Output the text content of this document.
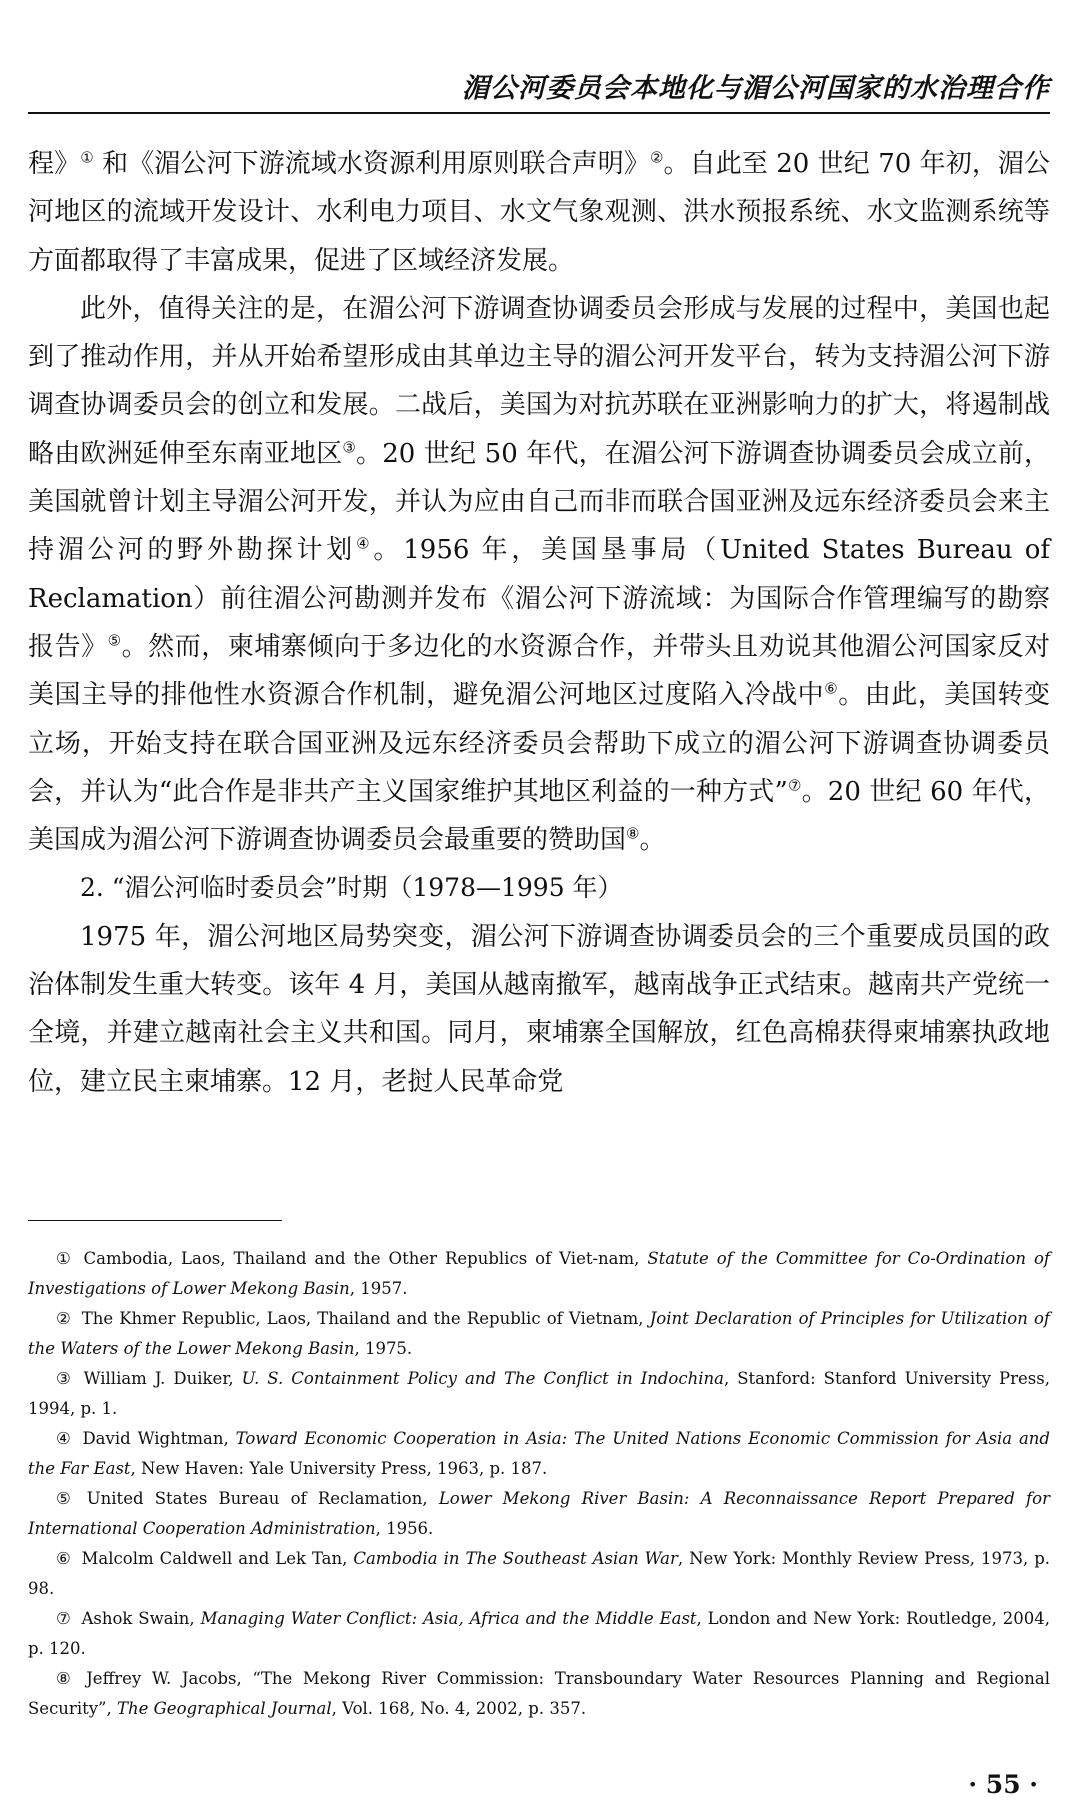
湄公河委员会本地化与湄公河国家的水治理合作

程》① 和《湄公河下游流域水资源利用原则联合声明》②。自此至 20 世纪 70 年初，湄公河地区的流域开发设计、水利电力项目、水文气象观测、洪水预报系统、水文监测系统等方面都取得了丰富成果，促进了区域经济发展。

此外，值得关注的是，在湄公河下游调查协调委员会形成与发展的过程中，美国也起到了推动作用，并从开始希望形成由其单边主导的湄公河开发平台，转为支持湄公河下游调查协调委员会的创立和发展。二战后，美国为对抗苏联在亚洲影响力的扩大，将遏制战略由欧洲延伸至东南亚地区③。20 世纪 50 年代，在湄公河下游调查协调委员会成立前，美国就曾计划主导湄公河开发，并认为应由自己而非而联合国亚洲及远东经济委员会来主持湄公河的野外勘探计划④。1956 年，美国垦事局（United States Bureau of Reclamation）前往湄公河勘测并发布《湄公河下游流域：为国际合作管理编写的勘察报告》⑤。然而，柬埔寨倾向于多边化的水资源合作，并带头且劝说其他湄公河国家反对美国主导的排他性水资源合作机制，避免湄公河地区过度陷入冷战中⑥。由此，美国转变立场，开始支持在联合国亚洲及远东经济委员会帮助下成立的湄公河下游调查协调委员会，并认为“此合作是非共产主义国家维护其地区利益的一种方式”⑦。20 世纪 60 年代，美国成为湄公河下游调查协调委员会最重要的赞助国⑧。

2. “湄公河临时委员会”时期（1978—1995 年）

1975 年，湄公河地区局势突变，湄公河下游调查协调委员会的三个重要成员国的政治体制发生重大转变。该年 4 月，美国从越南撤军，越南战争正式结束。越南共产党统一全境，并建立越南社会主义共和国。同月，柬埔寨全国解放，红色高棉获得柬埔寨执政地位，建立民主柬埔寨。12 月，老挝人民革命党

① Cambodia, Laos, Thailand and the Other Republics of Viet-nam, Statute of the Committee for Co-Ordination of Investigations of Lower Mekong Basin, 1957.

② The Khmer Republic, Laos, Thailand and the Republic of Vietnam, Joint Declaration of Principles for Utilization of the Waters of the Lower Mekong Basin, 1975.

③ William J. Duiker, U. S. Containment Policy and The Conflict in Indochina, Stanford: Stanford University Press, 1994, p. 1.

④ David Wightman, Toward Economic Cooperation in Asia: The United Nations Economic Commission for Asia and the Far East, New Haven: Yale University Press, 1963, p. 187.

⑤ United States Bureau of Reclamation, Lower Mekong River Basin: A Reconnaissance Report Prepared for International Cooperation Administration, 1956.

⑥ Malcolm Caldwell and Lek Tan, Cambodia in The Southeast Asian War, New York: Monthly Review Press, 1973, p. 98.

⑦ Ashok Swain, Managing Water Conflict: Asia, Africa and the Middle East, London and New York: Routledge, 2004, p. 120.

⑧ Jeffrey W. Jacobs, “The Mekong River Commission: Transboundary Water Resources Planning and Regional Security”, The Geographical Journal, Vol. 168, No. 4, 2002, p. 357.

· 55 ·
